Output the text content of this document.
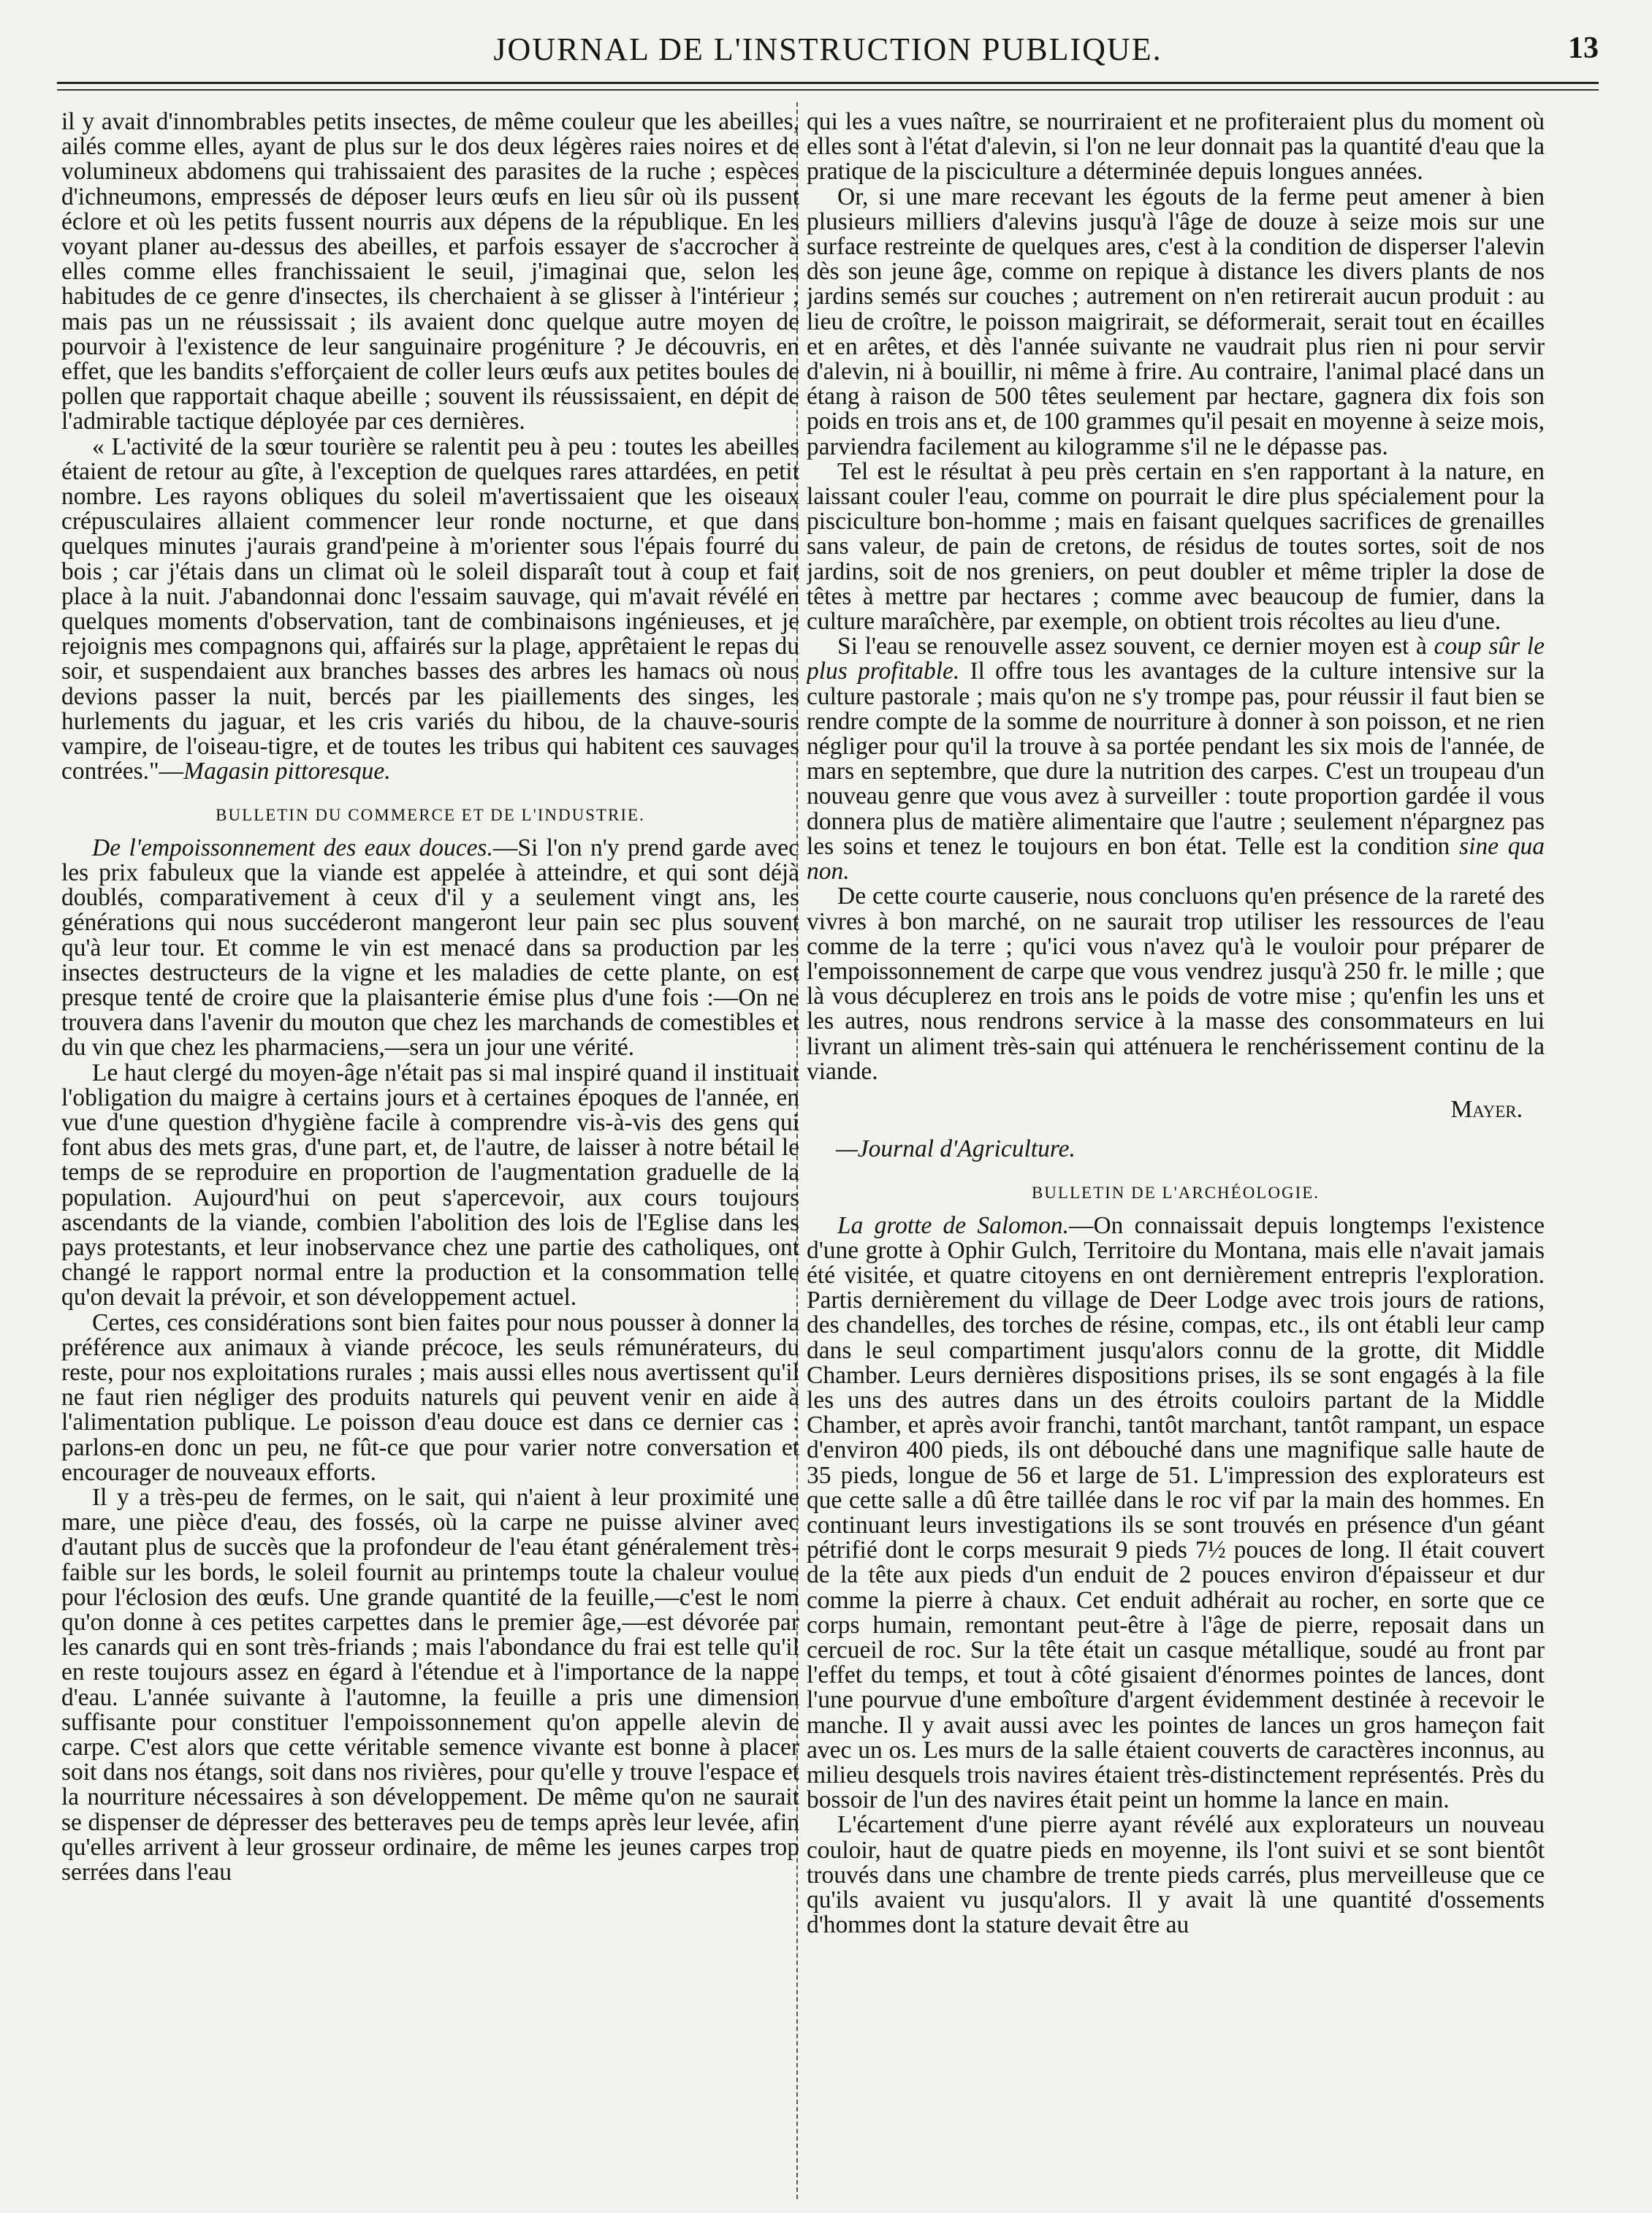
JOURNAL DE L'INSTRUCTION PUBLIQUE.	13

il y avait d'innombrables petits insectes, de même couleur que les abeilles, ailés comme elles, ayant de plus sur le dos deux légères raies noires et de volumineux abdomens qui trahissaient des parasites de la ruche ; espèces d'ichneumons, empressés de déposer leurs œufs en lieu sûr où ils pussent éclore et où les petits fussent nourris aux dépens de la république. En les voyant planer au-dessus des abeilles, et parfois essayer de s'accrocher à elles comme elles franchissaient le seuil, j'imaginai que, selon les habitudes de ce genre d'insectes, ils cherchaient à se glisser à l'intérieur ; mais pas un ne réussissait ; ils avaient donc quelque autre moyen de pourvoir à l'existence de leur sanguinaire progéniture ? Je découvris, en effet, que les bandits s'efforçaient de coller leurs œufs aux petites boules de pollen que rapportait chaque abeille ; souvent ils réussissaient, en dépit de l'admirable tactique déployée par ces dernières.

« L'activité de la sœur tourière se ralentit peu à peu : toutes les abeilles étaient de retour au gîte, à l'exception de quelques rares attardées, en petit nombre. Les rayons obliques du soleil m'avertissaient que les oiseaux crépusculaires allaient commencer leur ronde nocturne, et que dans quelques minutes j'aurais grand'peine à m'orienter sous l'épais fourré du bois ; car j'étais dans un climat où le soleil disparaît tout à coup et fait place à la nuit. J'abandonnai donc l'essaim sauvage, qui m'avait révélé en quelques moments d'observation, tant de combinaisons ingénieuses, et je rejoignis mes compagnons qui, affairés sur la plage, apprêtaient le repas du soir, et suspendaient aux branches basses des arbres les hamacs où nous devions passer la nuit, bercés par les piaillements des singes, les hurlements du jaguar, et les cris variés du hibou, de la chauve-souris vampire, de l'oiseau-tigre, et de toutes les tribus qui habitent ces sauvages contrées."—Magasin pittoresque.

BULLETIN DU COMMERCE ET DE L'INDUSTRIE.

De l'empoissonnement des eaux douces.—Si l'on n'y prend garde avec les prix fabuleux que la viande est appelée à atteindre, et qui sont déjà doublés, comparativement à ceux d'il y a seulement vingt ans, les générations qui nous succéderont mangeront leur pain sec plus souvent qu'à leur tour. Et comme le vin est menacé dans sa production par les insectes destructeurs de la vigne et les maladies de cette plante, on est presque tenté de croire que la plaisanterie émise plus d'une fois :—On ne trouvera dans l'avenir du mouton que chez les marchands de comestibles et du vin que chez les pharmaciens,—sera un jour une vérité.

Le haut clergé du moyen-âge n'était pas si mal inspiré quand il instituait l'obligation du maigre à certains jours et à certaines époques de l'année, en vue d'une question d'hygiène facile à comprendre vis-à-vis des gens qui font abus des mets gras, d'une part, et, de l'autre, de laisser à notre bétail le temps de se reproduire en proportion de l'augmentation graduelle de la population. Aujourd'hui on peut s'apercevoir, aux cours toujours ascendants de la viande, combien l'abolition des lois de l'Eglise dans les pays protestants, et leur inobservance chez une partie des catholiques, ont changé le rapport normal entre la production et la consommation telle qu'on devait la prévoir, et son développement actuel.

Certes, ces considérations sont bien faites pour nous pousser à donner la préférence aux animaux à viande précoce, les seuls rémunérateurs, du reste, pour nos exploitations rurales ; mais aussi elles nous avertissent qu'il ne faut rien négliger des produits naturels qui peuvent venir en aide à l'alimentation publique. Le poisson d'eau douce est dans ce dernier cas : parlons-en donc un peu, ne fût-ce que pour varier notre conversation et encourager de nouveaux efforts.

Il y a très-peu de fermes, on le sait, qui n'aient à leur proximité une mare, une pièce d'eau, des fossés, où la carpe ne puisse alviner avec d'autant plus de succès que la profondeur de l'eau étant généralement très-faible sur les bords, le soleil fournit au printemps toute la chaleur voulue pour l'éclosion des œufs. Une grande quantité de la feuille,—c'est le nom qu'on donne à ces petites carpettes dans le premier âge,—est dévorée par les canards qui en sont très-friands ; mais l'abondance du frai est telle qu'il en reste toujours assez en égard à l'étendue et à l'importance de la nappe d'eau. L'année suivante à l'automne, la feuille a pris une dimension suffisante pour constituer l'empoissonnement qu'on appelle alevin de carpe. C'est alors que cette véritable semence vivante est bonne à placer soit dans nos étangs, soit dans nos rivières, pour qu'elle y trouve l'espace et la nourriture nécessaires à son développement. De même qu'on ne saurait se dispenser de dépresser des betteraves peu de temps après leur levée, afin qu'elles arrivent à leur grosseur ordinaire, de même les jeunes carpes trop serrées dans l'eau

qui les a vues naître, se nourriraient et ne profiteraient plus du moment où elles sont à l'état d'alevin, si l'on ne leur donnait pas la quantité d'eau que la pratique de la pisciculture a déterminée depuis longues années.

Or, si une mare recevant les égouts de la ferme peut amener à bien plusieurs milliers d'alevins jusqu'à l'âge de douze à seize mois sur une surface restreinte de quelques ares, c'est à la condition de disperser l'alevin dès son jeune âge, comme on repique à distance les divers plants de nos jardins semés sur couches ; autrement on n'en retirerait aucun produit : au lieu de croître, le poisson maigrirait, se déformerait, serait tout en écailles et en arêtes, et dès l'année suivante ne vaudrait plus rien ni pour servir d'alevin, ni à bouillir, ni même à frire. Au contraire, l'animal placé dans un étang à raison de 500 têtes seulement par hectare, gagnera dix fois son poids en trois ans et, de 100 grammes qu'il pesait en moyenne à seize mois, parviendra facilement au kilogramme s'il ne le dépasse pas.

Tel est le résultat à peu près certain en s'en rapportant à la nature, en laissant couler l'eau, comme on pourrait le dire plus spécialement pour la pisciculture bon-homme ; mais en faisant quelques sacrifices de grenailles sans valeur, de pain de cretons, de résidus de toutes sortes, soit de nos jardins, soit de nos greniers, on peut doubler et même tripler la dose de têtes à mettre par hectares ; comme avec beaucoup de fumier, dans la culture maraîchère, par exemple, on obtient trois récoltes au lieu d'une.

Si l'eau se renouvelle assez souvent, ce dernier moyen est à coup sûr le plus profitable. Il offre tous les avantages de la culture intensive sur la culture pastorale ; mais qu'on ne s'y trompe pas, pour réussir il faut bien se rendre compte de la somme de nourriture à donner à son poisson, et ne rien négliger pour qu'il la trouve à sa portée pendant les six mois de l'année, de mars en septembre, que dure la nutrition des carpes. C'est un troupeau d'un nouveau genre que vous avez à surveiller : toute proportion gardée il vous donnera plus de matière alimentaire que l'autre ; seulement n'épargnez pas les soins et tenez le toujours en bon état. Telle est la condition sine qua non.

De cette courte causerie, nous concluons qu'en présence de la rareté des vivres à bon marché, on ne saurait trop utiliser les ressources de l'eau comme de la terre ; qu'ici vous n'avez qu'à le vouloir pour préparer de l'empoissonnement de carpe que vous vendrez jusqu'à 250 fr. le mille ; que là vous décuplerez en trois ans le poids de votre mise ; qu'enfin les uns et les autres, nous rendrons service à la masse des consommateurs en lui livrant un aliment très-sain qui atténuera le renchérissement continu de la viande.

Mayer.
—Journal d'Agriculture.
BULLETIN DE L'ARCHÉOLOGIE.

La grotte de Salomon.—On connaissait depuis longtemps l'existence d'une grotte à Ophir Gulch, Territoire du Montana, mais elle n'avait jamais été visitée, et quatre citoyens en ont dernièrement entrepris l'exploration. Partis dernièrement du village de Deer Lodge avec trois jours de rations, des chandelles, des torches de résine, compas, etc., ils ont établi leur camp dans le seul compartiment jusqu'alors connu de la grotte, dit Middle Chamber. Leurs dernières dispositions prises, ils se sont engagés à la file les uns des autres dans un des étroits couloirs partant de la Middle Chamber, et après avoir franchi, tantôt marchant, tantôt rampant, un espace d'environ 400 pieds, ils ont débouché dans une magnifique salle haute de 35 pieds, longue de 56 et large de 51. L'impression des explorateurs est que cette salle a dû être taillée dans le roc vif par la main des hommes. En continuant leurs investigations ils se sont trouvés en présence d'un géant pétrifié dont le corps mesurait 9 pieds 7½ pouces de long. Il était couvert de la tête aux pieds d'un enduit de 2 pouces environ d'épaisseur et dur comme la pierre à chaux. Cet enduit adhérait au rocher, en sorte que ce corps humain, remontant peut-être à l'âge de pierre, reposait dans un cercueil de roc. Sur la tête était un casque métallique, soudé au front par l'effet du temps, et tout à côté gisaient d'énormes pointes de lances, dont l'une pourvue d'une emboîture d'argent évidemment destinée à recevoir le manche. Il y avait aussi avec les pointes de lances un gros hameçon fait avec un os. Les murs de la salle étaient couverts de caractères inconnus, au milieu desquels trois navires étaient très-distinctement représentés. Près du bossoir de l'un des navires était peint un homme la lance en main.

L'écartement d'une pierre ayant révélé aux explorateurs un nouveau couloir, haut de quatre pieds en moyenne, ils l'ont suivi et se sont bientôt trouvés dans une chambre de trente pieds carrés, plus merveilleuse que ce qu'ils avaient vu jusqu'alors. Il y avait là une quantité d'ossements d'hommes dont la stature devait être au
